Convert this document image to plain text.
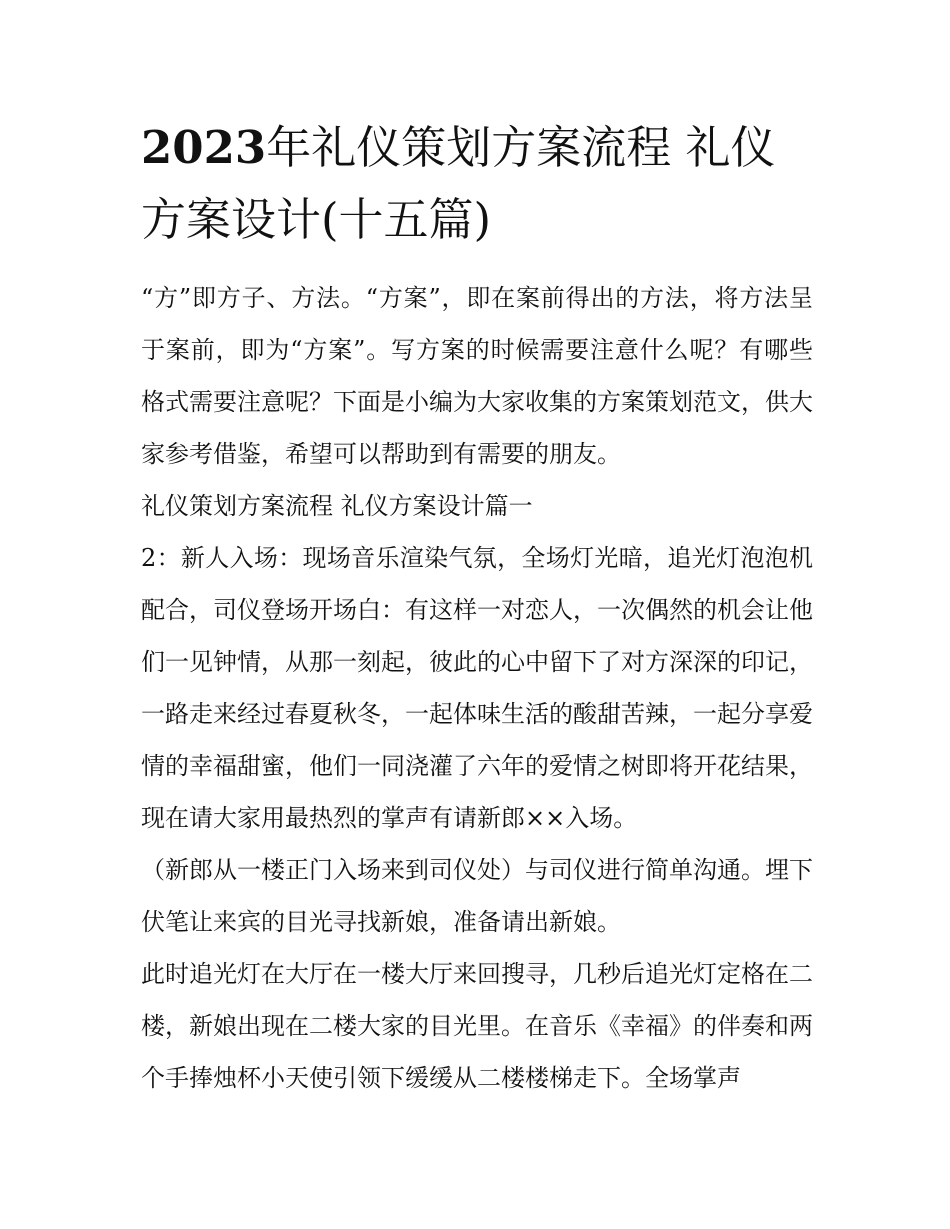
2023年礼仪策划方案流程 礼仪方案设计(十五篇)

“方”即方子、方法。“方案”，即在案前得出的方法，将方法呈于案前，即为“方案”。写方案的时候需要注意什么呢？有哪些格式需要注意呢？下面是小编为大家收集的方案策划范文，供大家参考借鉴，希望可以帮助到有需要的朋友。

礼仪策划方案流程 礼仪方案设计篇一

2：新人入场：现场音乐渲染气氛，全场灯光暗，追光灯泡泡机配合，司仪登场开场白：有这样一对恋人，一次偶然的机会让他们一见钟情，从那一刻起，彼此的心中留下了对方深深的印记，一路走来经过春夏秋冬，一起体味生活的酸甜苦辣，一起分享爱情的幸福甜蜜，他们一同浇灌了六年的爱情之树即将开花结果，现在请大家用最热烈的掌声有请新郎××入场。

（新郎从一楼正门入场来到司仪处）与司仪进行简单沟通。埋下伏笔让来宾的目光寻找新娘，准备请出新娘。

此时追光灯在大厅在一楼大厅来回搜寻，几秒后追光灯定格在二楼，新娘出现在二楼大家的目光里。在音乐《幸福》的伴奏和两个手捧烛杯小天使引领下缓缓从二楼楼梯走下。全场掌声
